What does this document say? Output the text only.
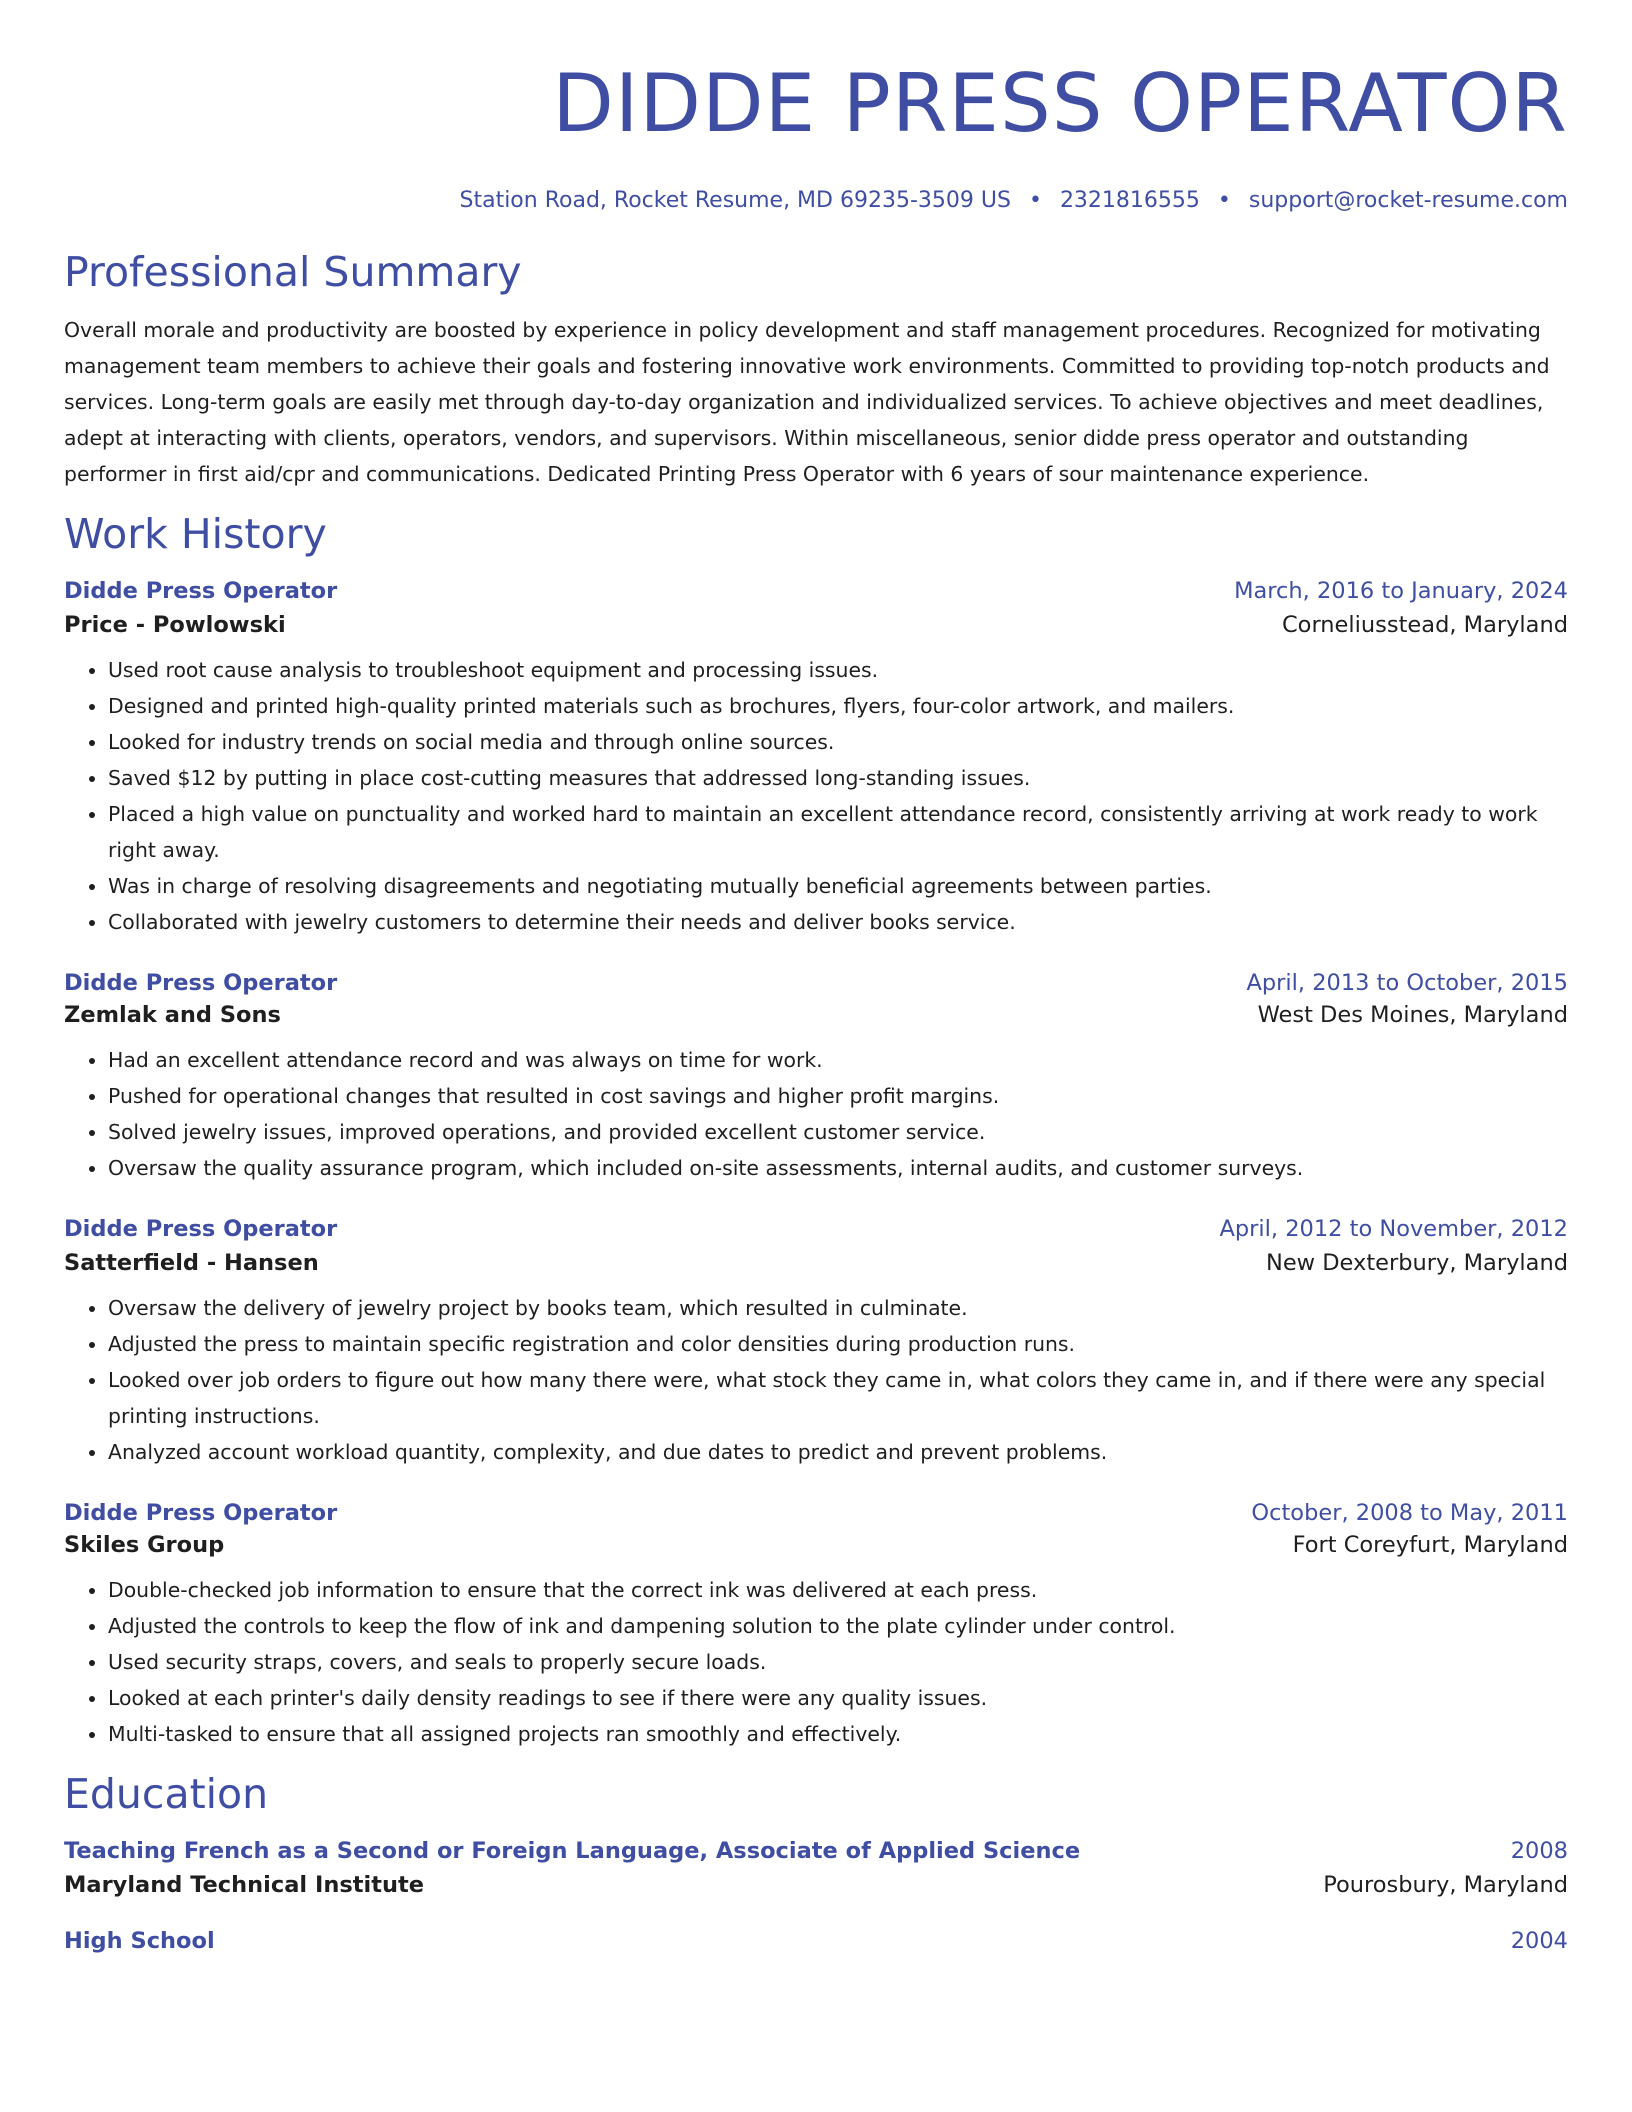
DIDDE PRESS OPERATOR
Station Road, Rocket Resume, MD 69235-3509 US • 2321816555 • support@rocket-resume.com
Professional Summary

Overall morale and productivity are boosted by experience in policy development and staff management procedures. Recognized for motivating management team members to achieve their goals and fostering innovative work environments. Committed to providing top-notch products and services. Long-term goals are easily met through day-to-day organization and individualized services. To achieve objectives and meet deadlines, adept at interacting with clients, operators, vendors, and supervisors. Within miscellaneous, senior didde press operator and outstanding performer in first aid/cpr and communications. Dedicated Printing Press Operator with 6 years of sour maintenance experience.

Work History
Didde Press Operator	March, 2016 to January, 2024
Price - Powlowski	Corneliusstead, Maryland
• Used root cause analysis to troubleshoot equipment and processing issues.
• Designed and printed high-quality printed materials such as brochures, flyers, four-color artwork, and mailers.
• Looked for industry trends on social media and through online sources.
• Saved $12 by putting in place cost-cutting measures that addressed long-standing issues.
• Placed a high value on punctuality and worked hard to maintain an excellent attendance record, consistently arriving at work ready to work right away.
• Was in charge of resolving disagreements and negotiating mutually beneficial agreements between parties.
• Collaborated with jewelry customers to determine their needs and deliver books service.
Didde Press Operator	April, 2013 to October, 2015
Zemlak and Sons	West Des Moines, Maryland
• Had an excellent attendance record and was always on time for work.
• Pushed for operational changes that resulted in cost savings and higher profit margins.
• Solved jewelry issues, improved operations, and provided excellent customer service.
• Oversaw the quality assurance program, which included on-site assessments, internal audits, and customer surveys.
Didde Press Operator	April, 2012 to November, 2012
Satterfield - Hansen	New Dexterbury, Maryland
• Oversaw the delivery of jewelry project by books team, which resulted in culminate.
• Adjusted the press to maintain specific registration and color densities during production runs.
• Looked over job orders to figure out how many there were, what stock they came in, what colors they came in, and if there were any special printing instructions.
• Analyzed account workload quantity, complexity, and due dates to predict and prevent problems.
Didde Press Operator	October, 2008 to May, 2011
Skiles Group	Fort Coreyfurt, Maryland
• Double-checked job information to ensure that the correct ink was delivered at each press.
• Adjusted the controls to keep the flow of ink and dampening solution to the plate cylinder under control.
• Used security straps, covers, and seals to properly secure loads.
• Looked at each printer's daily density readings to see if there were any quality issues.
• Multi-tasked to ensure that all assigned projects ran smoothly and effectively.
Education
Teaching French as a Second or Foreign Language, Associate of Applied Science	2008
Maryland Technical Institute	Pourosbury, Maryland
High School	2004
